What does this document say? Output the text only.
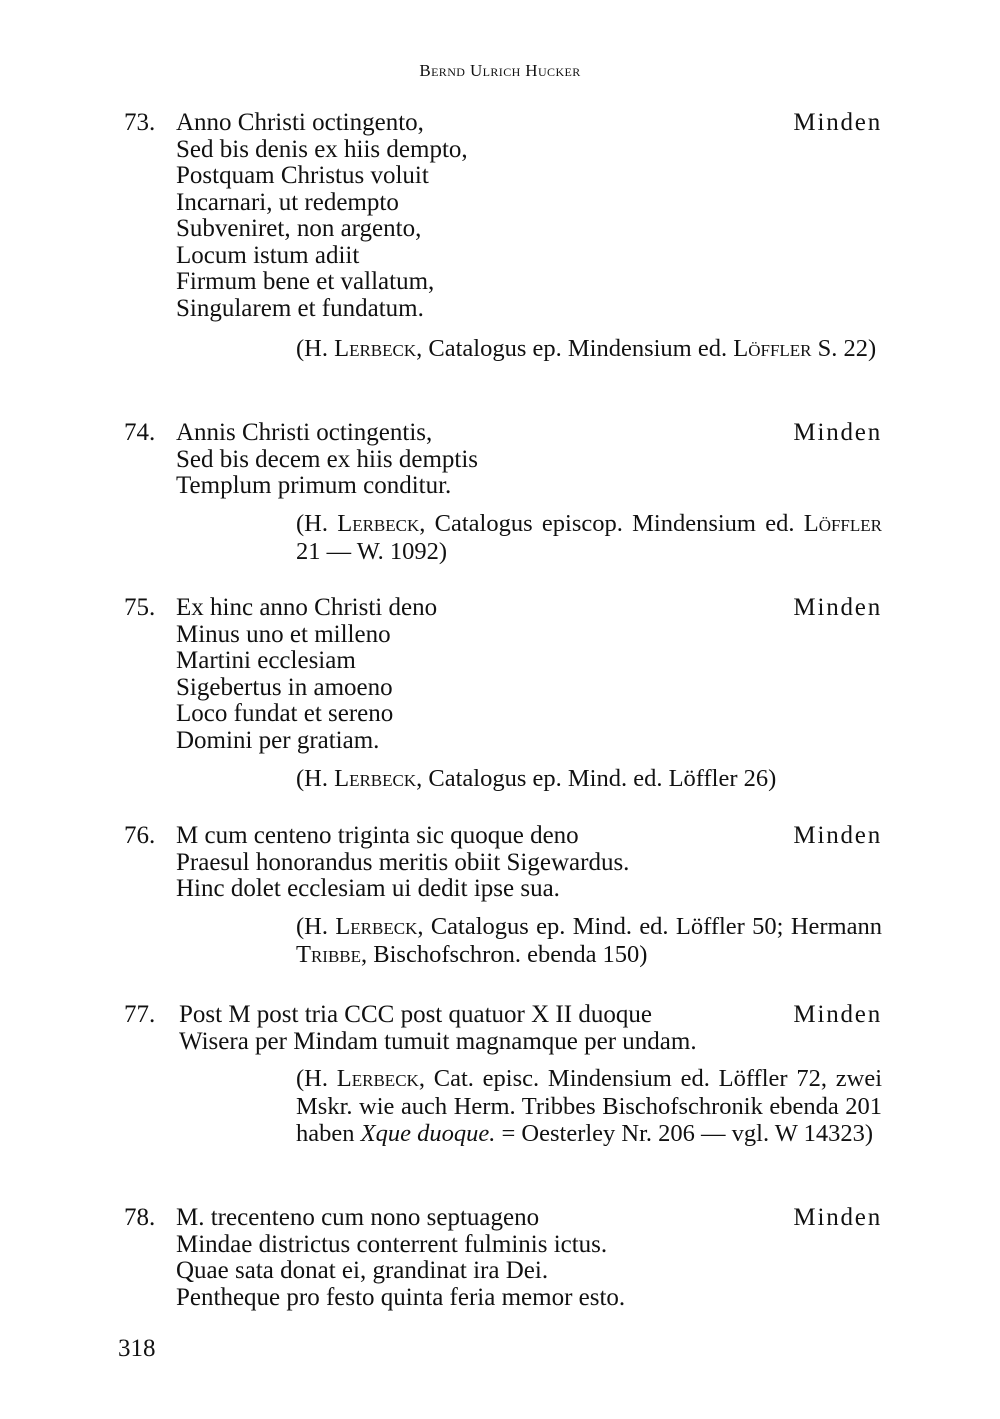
Bernd Ulrich Hucker
73.	Minden
Anno Christi octingento,
Sed bis denis ex hiis dempto,
Postquam Christus voluit
Incarnari, ut redempto
Subveniret, non argento,
Locum istum adiit
Firmum bene et vallatum,
Singularem et fundatum.
(H. Lerbeck, Catalogus ep. Mindensium ed. Löffler S. 22)
74.	Minden
Annis Christi octingentis,
Sed bis decem ex hiis demptis
Templum primum conditur.
(H. Lerbeck, Catalogus episcop. Mindensium ed. Löffler 21 — W. 1092)
75.	Minden
Ex hinc anno Christi deno
Minus uno et milleno
Martini ecclesiam
Sigebertus in amoeno
Loco fundat et sereno
Domini per gratiam.
(H. Lerbeck, Catalogus ep. Mind. ed. Löffler 26)
76.	Minden
M cum centeno triginta sic quoque deno
Praesul honorandus meritis obiit Sigewardus.
Hinc dolet ecclesiam ui dedit ipse sua.
(H. Lerbeck, Catalogus ep. Mind. ed. Löffler 50; Hermann Tribbe, Bischofschron. ebenda 150)
77.	Minden
Post M post tria CCC post quatuor X II duoque
Wisera per Mindam tumuit magnamque per undam.
(H. Lerbeck, Cat. episc. Mindensium ed. Löffler 72, zwei Mskr. wie auch Herm. Tribbes Bischofschronik ebenda 201 haben Xque duoque. = Oesterley Nr. 206 — vgl. W 14323)
78.	Minden
M. trecenteno cum nono septuageno
Mindae districtus conterrent fulminis ictus.
Quae sata donat ei, grandinat ira Dei.
Pentheque pro festo quinta feria memor esto.
318
